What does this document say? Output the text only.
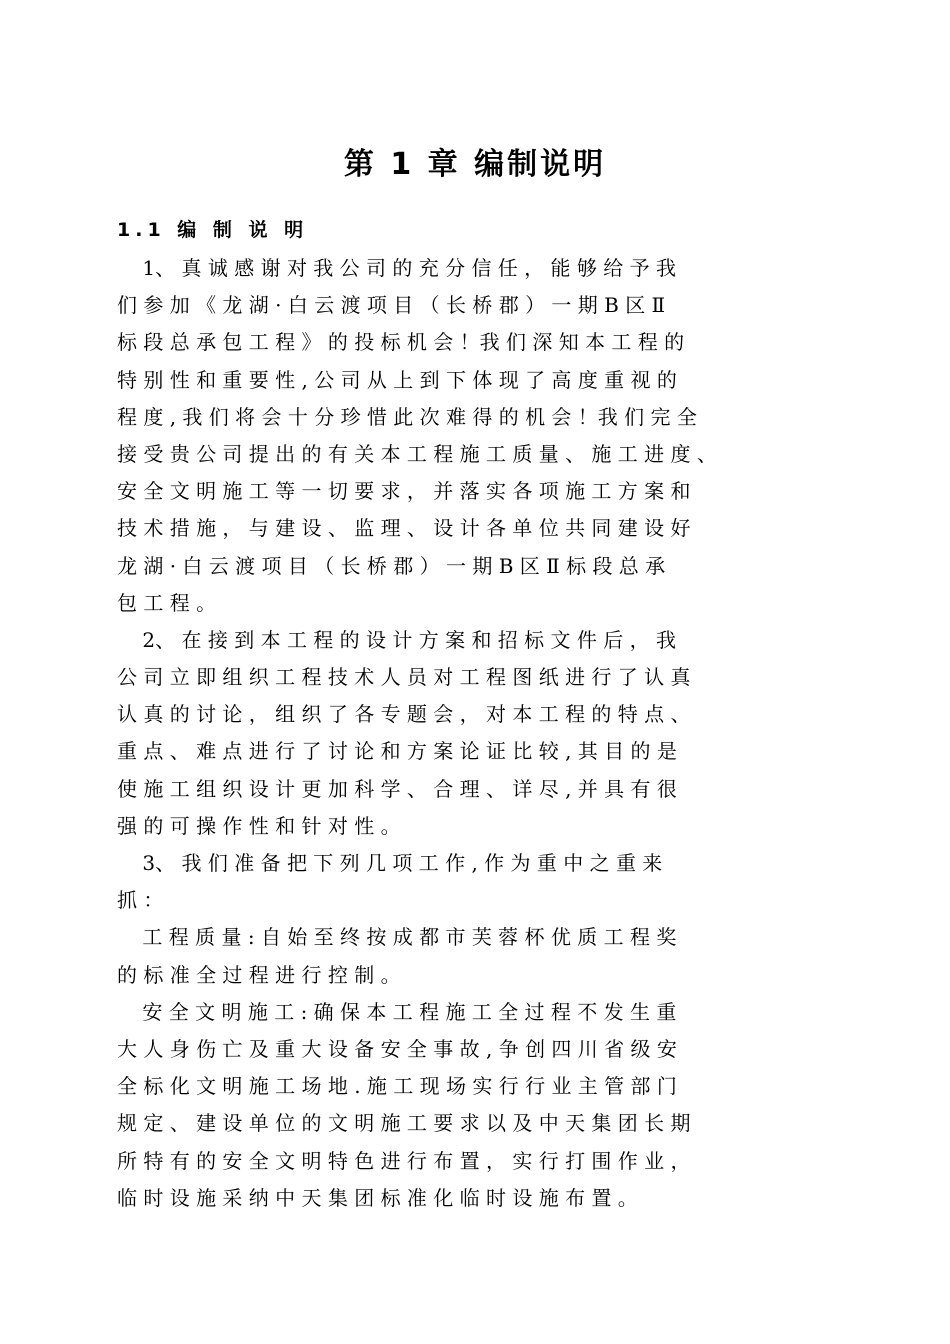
第 1 章 编制说明
1.1 编 制 说 明
1、 真 诚 感 谢 对 我 公 司 的 充 分 信 任 ， 能 够 给 予 我
们 参 加 《 龙 湖 · 白 云 渡 项 目 （ 长 桥 郡 ） 一 期 B 区 Ⅱ
标 段 总 承 包 工 程 》 的 投 标 机 会 ！我 们 深 知 本 工 程 的
特 别 性 和 重 要 性 , 公 司 从 上 到 下 体 现 了 高 度 重 视 的
程 度 , 我 们 将 会 十 分 珍 惜 此 次 难 得 的 机 会 ！我 们 完 全
接 受 贵 公 司 提 出 的 有 关 本 工 程 施 工 质 量 、 施 工 进 度 、
安 全 文 明 施 工 等 一 切 要 求 ， 并 落 实 各 项 施 工 方 案 和
技 术 措 施 ， 与 建 设 、 监 理 、 设 计 各 单 位 共 同 建 设 好
龙 湖 · 白 云 渡 项 目 （ 长 桥 郡 ） 一 期 B 区 Ⅱ 标 段 总 承
包 工 程 。
2、 在 接 到 本 工 程 的 设 计 方 案 和 招 标 文 件 后 ， 我
公 司 立 即 组 织 工 程 技 术 人 员 对 工 程 图 纸 进 行 了 认 真
认 真 的 讨 论 ， 组 织 了 各 专 题 会 ， 对 本 工 程 的 特 点 、
重 点 、 难 点 进 行 了 讨 论 和 方 案 论 证 比 较 , 其 目 的 是
使 施 工 组 织 设 计 更 加 科 学 、 合 理 、 详 尽 , 并 具 有 很
强 的 可 操 作 性 和 针 对 性 。
3、 我 们 准 备 把 下 列 几 项 工 作 , 作 为 重 中 之 重 来
抓 ：
工 程 质 量 : 自 始 至 终 按 成 都 市 芙 蓉 杯 优 质 工 程 奖
的 标 准 全 过 程 进 行 控 制 。
安 全 文 明 施 工 : 确 保 本 工 程 施 工 全 过 程 不 发 生 重
大 人 身 伤 亡 及 重 大 设 备 安 全 事 故 , 争 创 四 川 省 级 安
全 标 化 文 明 施 工 场 地 . 施 工 现 场 实 行 行 业 主 管 部 门
规 定 、 建 设 单 位 的 文 明 施 工 要 求 以 及 中 天 集 团 长 期
所 特 有 的 安 全 文 明 特 色 进 行 布 置 ， 实 行 打 围 作 业 ，
临 时 设 施 采 纳 中 天 集 团 标 准 化 临 时 设 施 布 置 。
